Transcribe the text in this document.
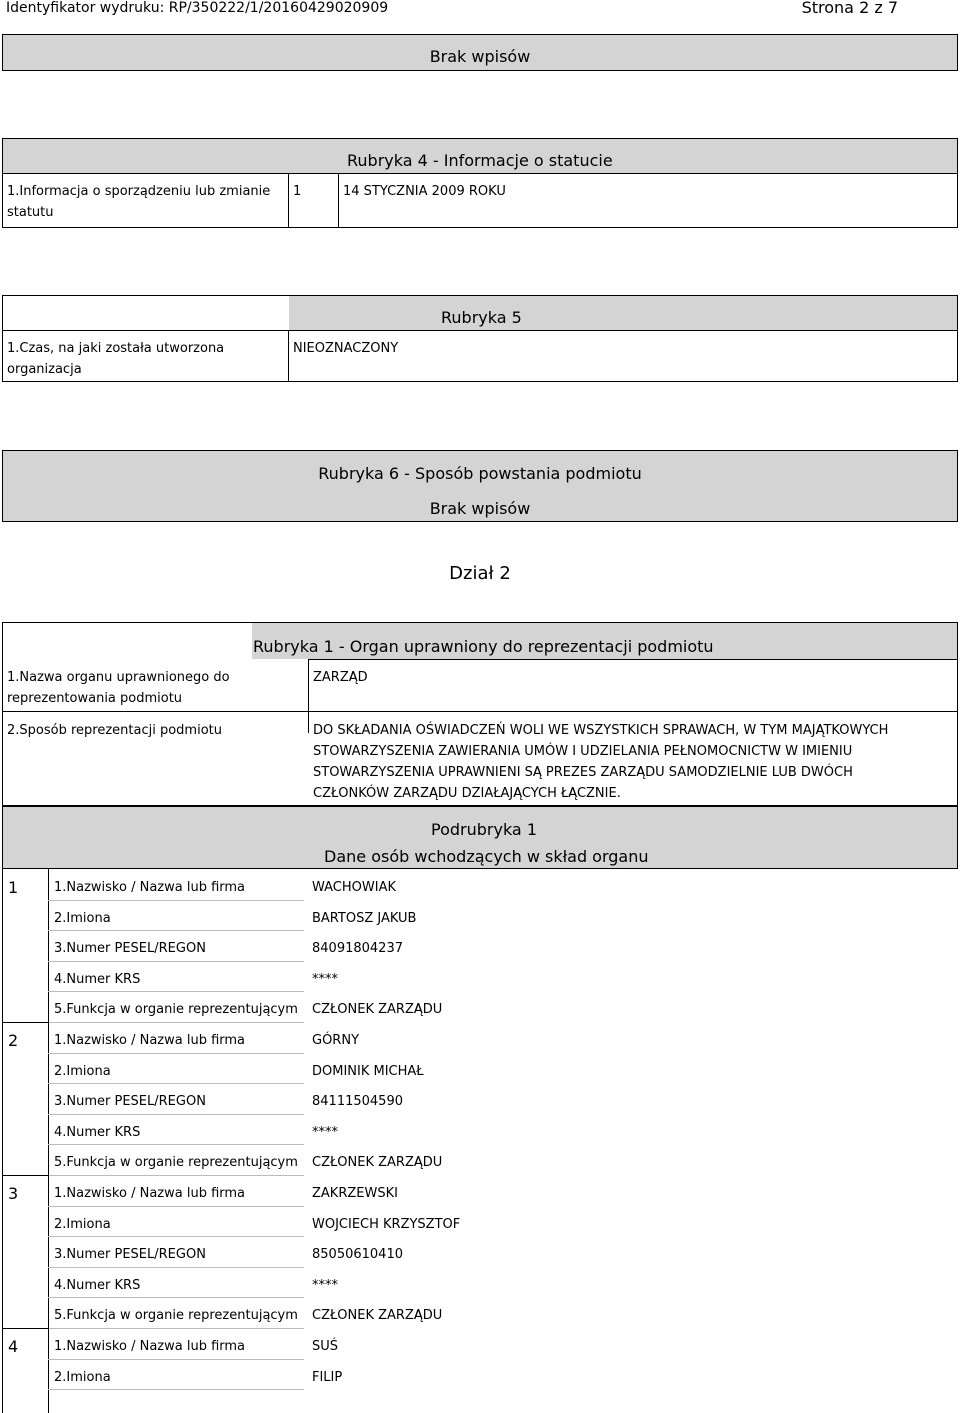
Identyfikator wydruku: RP/350222/1/20160429020909	Strona 2 z 7
Brak wpisów
Rubryka 4 - Informacje o statucie
1.Informacja o sporządzeniu lub zmianie statutu
1	14 STYCZNIA 2009 ROKU
Rubryka 5
1.Czas, na jaki została utworzona organizacja
NIEOZNACZONY
Rubryka 6 - Sposób powstania podmiotu
Brak wpisów
Dział 2
Rubryka 1 - Organ uprawniony do reprezentacji podmiotu
1.Nazwa organu uprawnionego do reprezentowania podmiotu
ZARZĄD
2.Sposób reprezentacji podmiotu	DO SKŁADANIA OŚWIADCZEŃ WOLI WE WSZYSTKICH SPRAWACH, W TYM MAJĄTKOWYCH STOWARZYSZENIA ZAWIERANIA UMÓW I UDZIELANIA PEŁNOMOCNICTW W IMIENIU STOWARZYSZENIA UPRAWNIENI SĄ PREZES ZARZĄDU SAMODZIELNIE LUB DWÓCH CZŁONKÓW ZARZĄDU DZIAŁAJĄCYCH ŁĄCZNIE.
Podrubryka 1
Dane osób wchodzących w skład organu
1	1.Nazwisko / Nazwa lub firma	WACHOWIAK
2.Imiona	BARTOSZ JAKUB
3.Numer PESEL/REGON	84091804237
4.Numer KRS	****
5.Funkcja w organie reprezentującym CZŁONEK ZARZĄDU
2	1.Nazwisko / Nazwa lub firma	GÓRNY
2.Imiona	DOMINIK MICHAŁ
3.Numer PESEL/REGON	84111504590
4.Numer KRS	****
5.Funkcja w organie reprezentującym CZŁONEK ZARZĄDU
3	1.Nazwisko / Nazwa lub firma	ZAKRZEWSKI
2.Imiona	WOJCIECH KRZYSZTOF
3.Numer PESEL/REGON	85050610410
4.Numer KRS	****
5.Funkcja w organie reprezentującym CZŁONEK ZARZĄDU
4	1.Nazwisko / Nazwa lub firma	SUŚ
2.Imiona	FILIP
